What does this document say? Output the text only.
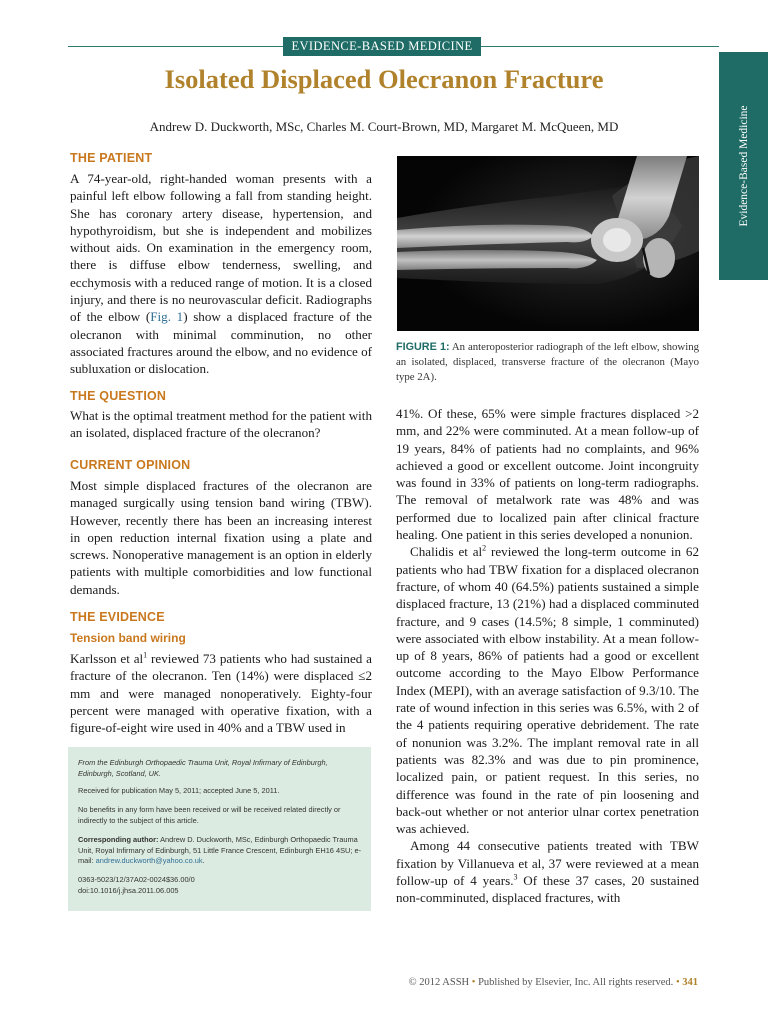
EVIDENCE-BASED MEDICINE
Evidence-Based Medicine
Isolated Displaced Olecranon Fracture
Andrew D. Duckworth, MSc, Charles M. Court-Brown, MD, Margaret M. McQueen, MD
THE PATIENT

A 74-year-old, right-handed woman presents with a painful left elbow following a fall from standing height. She has coronary artery disease, hypertension, and hypothyroidism, but she is independent and mobilizes without aids. On examination in the emergency room, there is diffuse elbow tenderness, swelling, and ecchymosis with a reduced range of motion. It is a closed injury, and there is no neurovascular deficit. Radiographs of the elbow (Fig. 1) show a displaced fracture of the olecranon with minimal comminution, no other associated fractures around the elbow, and no evidence of subluxation or dislocation.

THE QUESTION
What is the optimal treatment method for the patient with an isolated, displaced fracture of the olecranon?
CURRENT OPINION
Most simple displaced fractures of the olecranon are managed surgically using tension band wiring (TBW). However, recently there has been an increasing interest in open reduction internal fixation using a plate and screws. Nonoperative management is an option in elderly patients with multiple comorbidities and low functional demands.
THE EVIDENCE
Tension band wiring

Karlsson et $al^1$ reviewed 73 patients who had sustained a fracture of the olecranon. Ten (14%) were displaced ≤2 mm and were managed nonoperatively. Eighty-four percent were managed with operative fixation, with a figure-of-eight wire used in 40% and a TBW used in

From the Edinburgh Orthopaedic Trauma Unit, Royal Infirmary of Edinburgh, Edinburgh, Scotland, UK.
Received for publication May 5, 2011; accepted June 5, 2011.
No benefits in any form have been received or will be received related directly or indirectly to the subject of this article.
Corresponding author: Andrew D. Duckworth, MSc, Edinburgh Orthopaedic Trauma Unit, Royal Infirmary of Edinburgh, 51 Little France Crescent, Edinburgh EH16 4SU; e-mail: andrew.duckworth@yahoo.co.uk.
0363-5023/12/37A02-0024$36.00/0
doi:10.1016/j.jhsa.2011.06.005
FIGURE 1: An anteroposterior radiograph of the left elbow, showing an isolated, displaced, transverse fracture of the olecranon (Mayo type 2A).

41%. Of these, 65% were simple fractures displaced >2 mm, and 22% were comminuted. At a mean follow-up of 19 years, 84% of patients had no complaints, and 96% achieved a good or excellent outcome. Joint incongruity was found in 33% of patients on long-term radiographs. The removal of metalwork rate was 48% and was performed due to localized pain after clinical fracture healing. One patient in this series developed a nonunion.

Chalidis et $al^2$ reviewed the long-term outcome in 62 patients who had TBW fixation for a displaced olecranon fracture, of whom 40 (64.5%) patients sustained a simple displaced fracture, 13 (21%) had a displaced comminuted fracture, and 9 cases (14.5%; 8 simple, 1 comminuted) were associated with elbow instability. At a mean follow-up of 8 years, 86% of patients had a good or excellent outcome according to the Mayo Elbow Performance Index (MEPI), with an average satisfaction of 9.3/10. The rate of wound infection in this series was 6.5%, with 2 of the 4 patients requiring operative debridement. The rate of nonunion was 3.2%. The implant removal rate in all patients was 82.3% and was due to pin prominence, localized pain, or patient request. In this series, no difference was found in the rate of pin loosening and back-out whether or not anterior ulnar cortex penetration was achieved.

Among 44 consecutive patients treated with TBW fixation by Villanueva et al, 37 were reviewed at a mean follow-up of 4 years.$^3$ Of these 37 cases, 20 sustained non-comminuted, displaced fractures, with

© 2012 ASSH • Published by Elsevier, Inc. All rights reserved. • 341
